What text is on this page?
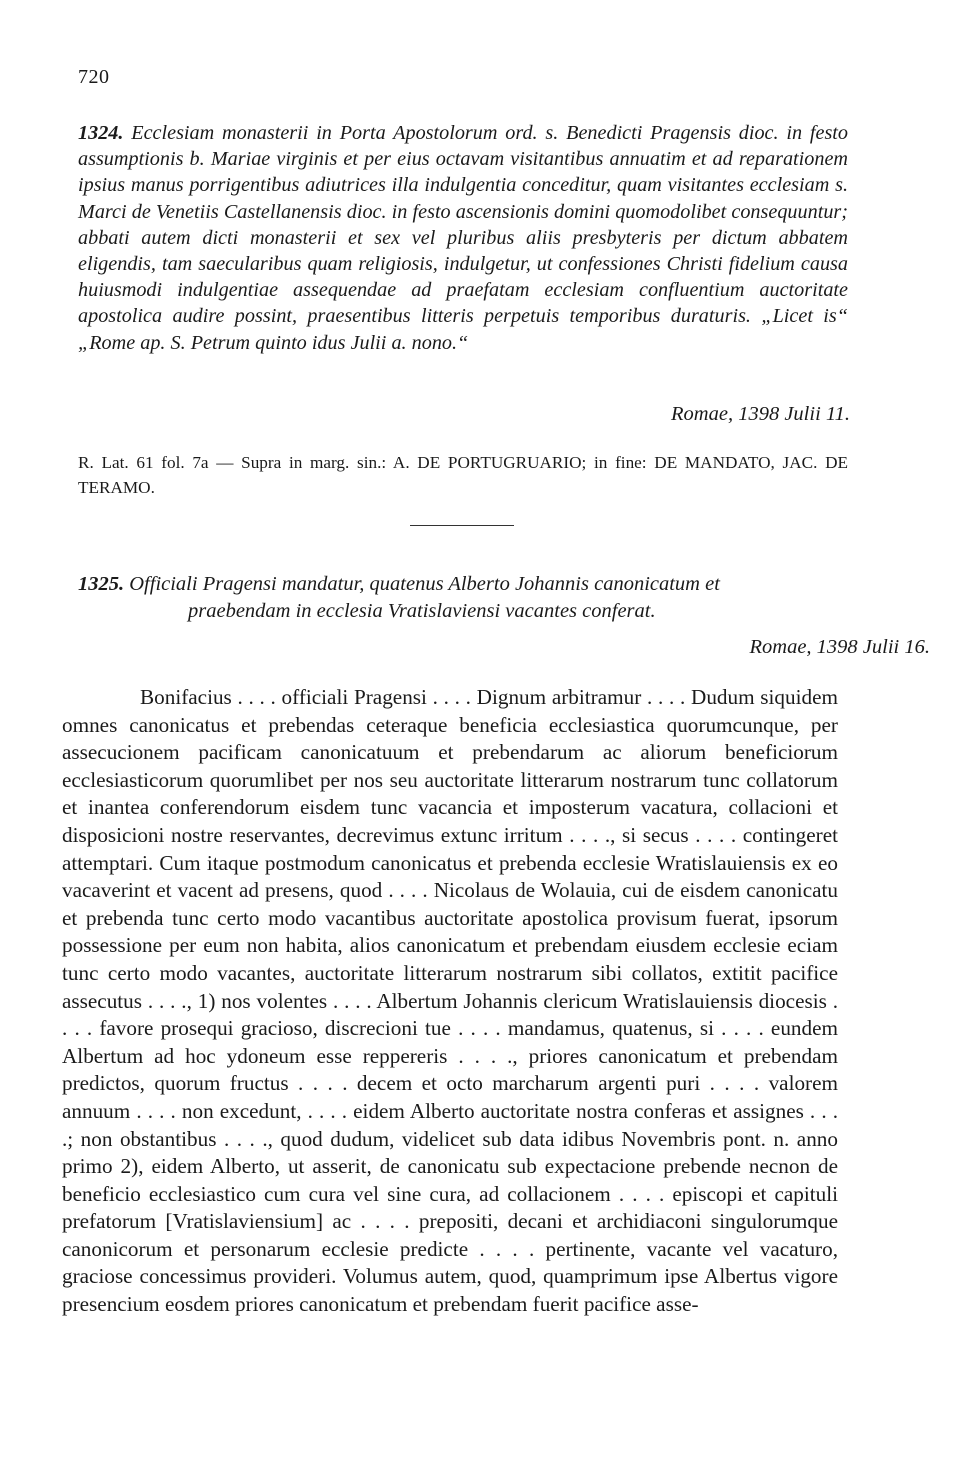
720
1324. Ecclesiam monasterii in Porta Apostolorum ord. s. Benedicti Pragensis dioc. in festo assumptionis b. Mariae virginis et per eius octavam visitantibus annuatim et ad reparationem ipsius manus porrigentibus adiutrices illa indulgentia conceditur, quam visitantes ecclesiam s. Marci de Venetiis Castellanensis dioc. in festo ascensionis domini quomodolibet consequuntur; abbati autem dicti monasterii et sex vel pluribus aliis presbyteris per dictum abbatem eligendis, tam saecularibus quam religiosis, indulgetur, ut confessiones Christi fidelium causa huiusmodi indulgentiae assequendae ad praefatam ecclesiam confluentium auctoritate apostolica audire possint, praesentibus litteris perpetuis temporibus duraturis. „Licet is“ „Rome ap. S. Petrum quinto idus Julii a. nono.“
Romae, 1398 Julii 11.
R. Lat. 61 fol. 7a — Supra in marg. sin.: A. DE PORTUGRUARIO; in fine: DE MANDATO, JAC. DE TERAMO.
1325. Officiali Pragensi mandatur, quatenus Alberto Johannis canonicatum et
praebendam in ecclesia Vratislaviensi vacantes conferat.
Romae, 1398 Julii 16.
Bonifacius . . . . officiali Pragensi . . . . Dignum arbitramur . . . . Dudum siquidem omnes canonicatus et prebendas ceteraque beneficia ecclesiastica quorumcunque, per assecucionem pacificam canonicatuum et prebendarum ac aliorum beneficiorum ecclesiasticorum quorumlibet per nos seu auctoritate litterarum nostrarum tunc collatorum et inantea conferendorum eisdem tunc vacancia et imposterum vacatura, collacioni et disposicioni nostre reservantes, decrevimus extunc irritum . . . ., si secus . . . . contingeret attemptari. Cum itaque postmodum canonicatus et prebenda ecclesie Wratislauiensis ex eo vacaverint et vacent ad presens, quod . . . . Nicolaus de Wolauia, cui de eisdem canonicatu et prebenda tunc certo modo vacantibus auctoritate apostolica provisum fuerat, ipsorum possessione per eum non habita, alios canonicatum et prebendam eiusdem ecclesie eciam tunc certo modo vacantes, auctoritate litterarum nostrarum sibi collatos, extitit pacifice assecutus . . . ., 1) nos volentes . . . . Albertum Johannis clericum Wratislauiensis diocesis . . . . favore prosequi gracioso, discrecioni tue . . . . mandamus, quatenus, si . . . . eundem Albertum ad hoc ydoneum esse reppereris . . . ., priores canonicatum et prebendam predictos, quorum fructus . . . . decem et octo marcharum argenti puri . . . . valorem annuum . . . . non excedunt, . . . . eidem Alberto auctoritate nostra conferas et assignes . . . .; non obstantibus . . . ., quod dudum, videlicet sub data idibus Novembris pont. n. anno primo 2), eidem Alberto, ut asserit, de canonicatu sub expectacione prebende necnon de beneficio ecclesiastico cum cura vel sine cura, ad collacionem . . . . episcopi et capituli prefatorum [Vratislaviensium] ac . . . . prepositi, decani et archidiaconi singulorumque canonicorum et personarum ecclesie predicte . . . . pertinente, vacante vel vacaturo, graciose concessimus provideri. Volumus autem, quod, quamprimum ipse Albertus vigore presencium eosdem priores canonicatum et prebendam fuerit pacifice asse-
